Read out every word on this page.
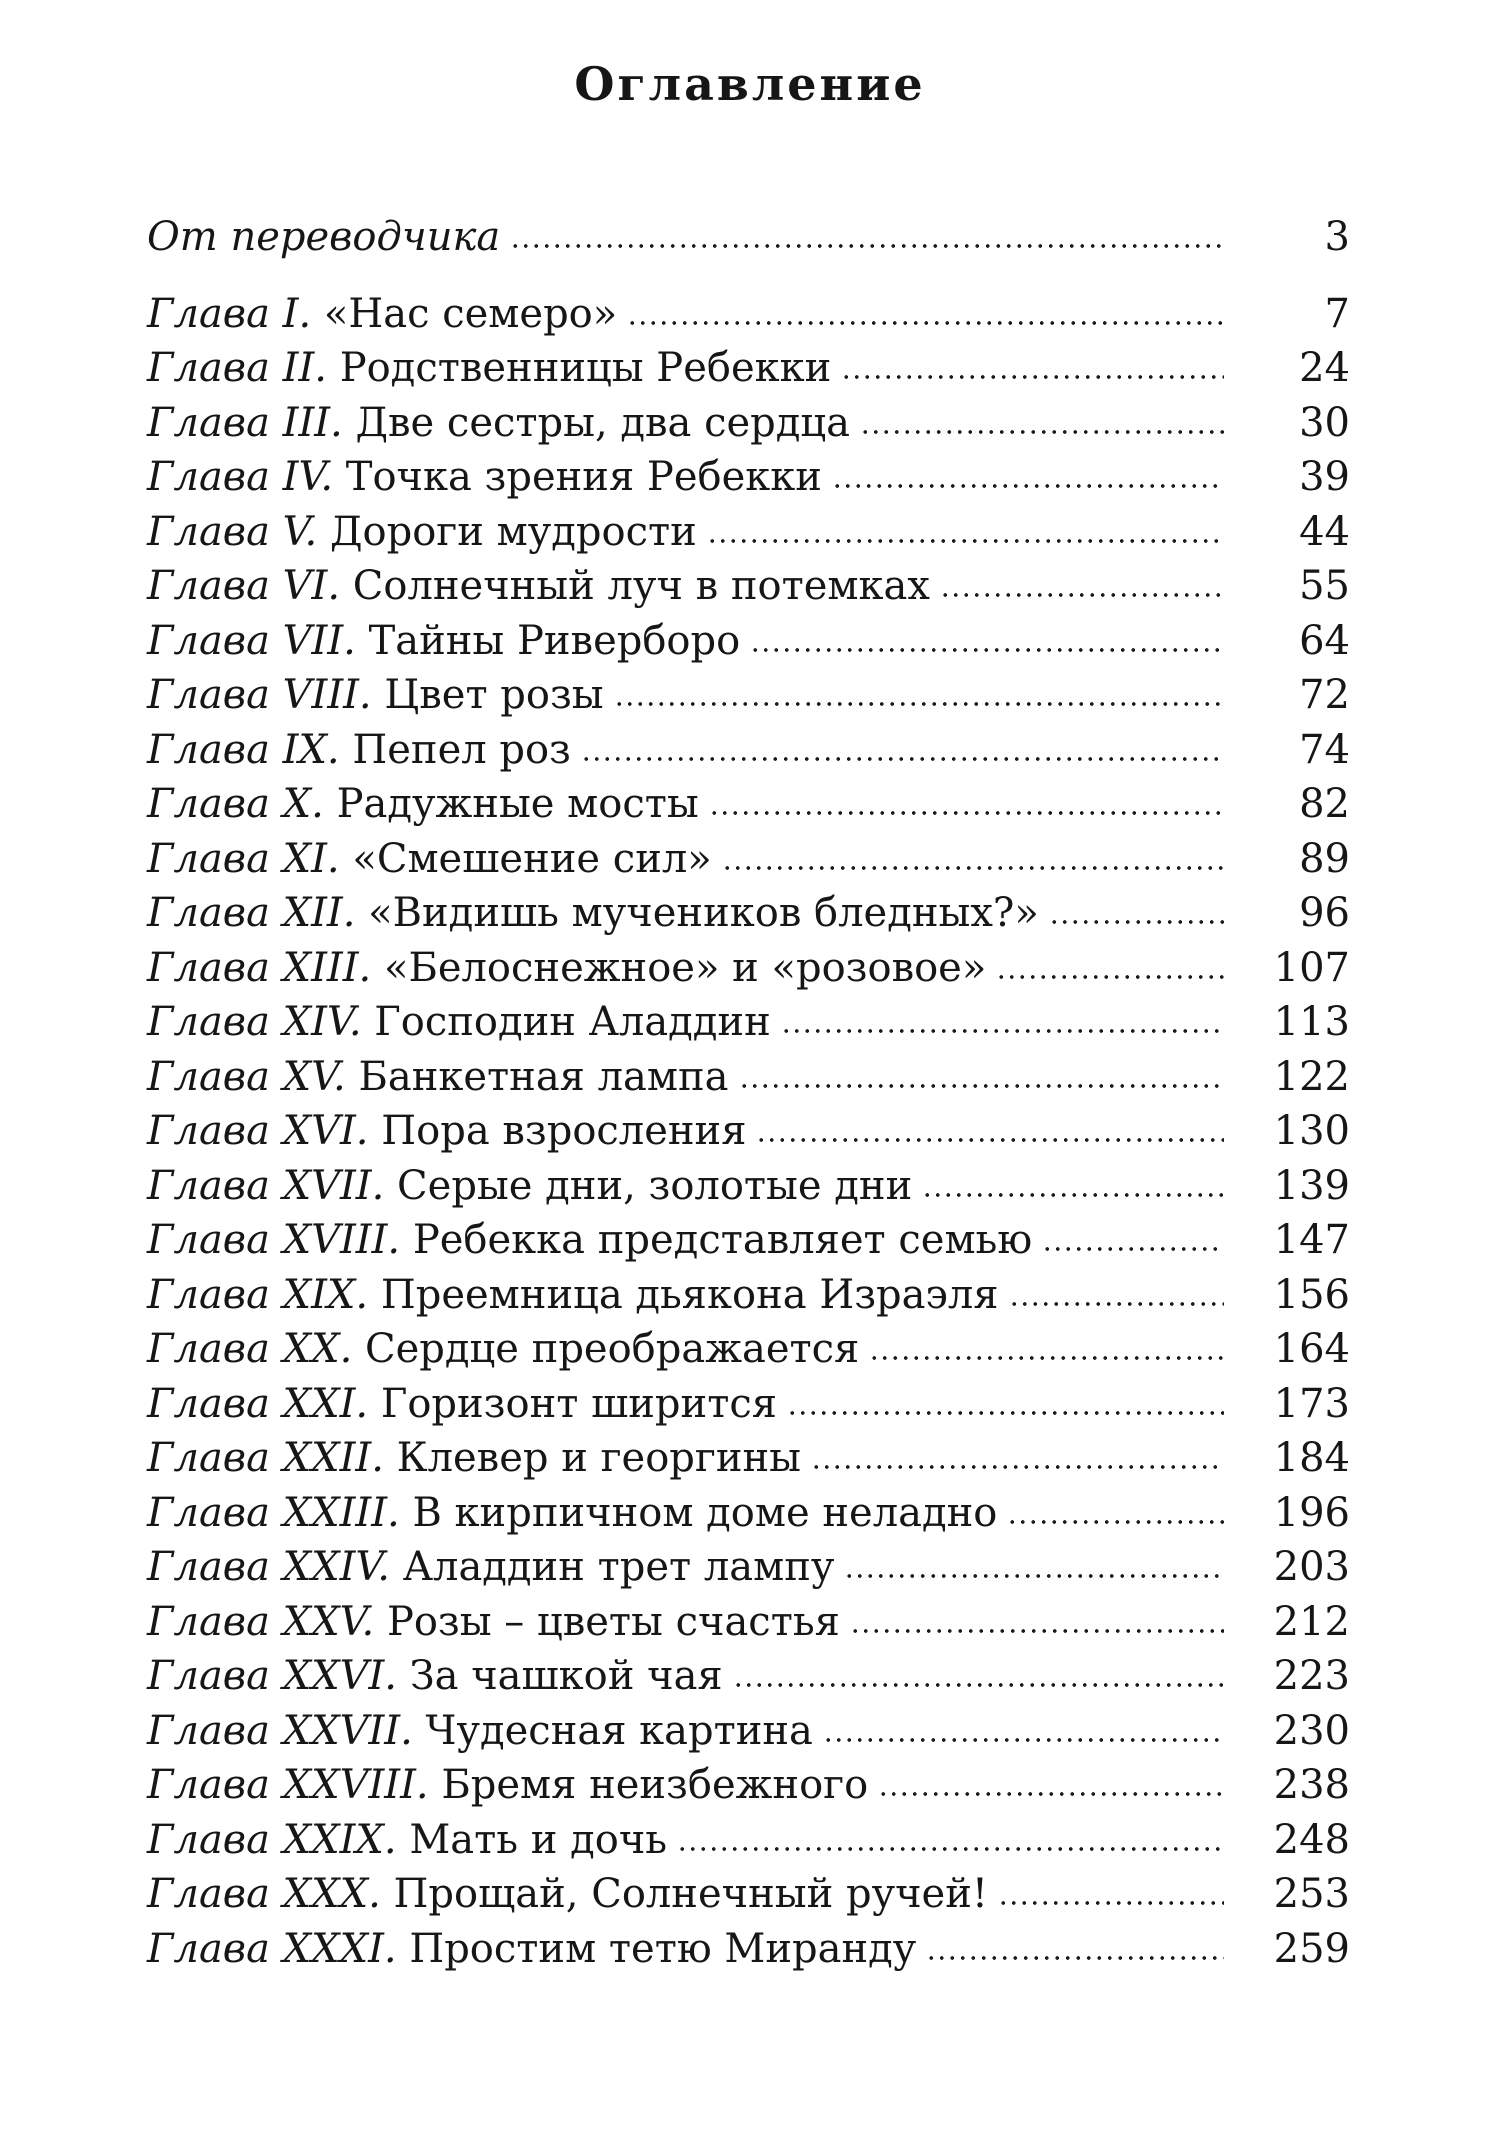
Оглавление
От переводчика	3
Глава I. «Нас семеро»	7
Глава II. Родственницы Ребекки	24
Глава III. Две сестры, два сердца	30
Глава IV. Точка зрения Ребекки	39
Глава V. Дороги мудрости	44
Глава VI. Солнечный луч в потемках	55
Глава VII. Тайны Риверборо	64
Глава VIII. Цвет розы	72
Глава IX. Пепел роз	74
Глава X. Радужные мосты	82
Глава XI. «Смешение сил»	89
Глава XII. «Видишь мучеников бледных?»	96
Глава XIII. «Белоснежное» и «розовое»	107
Глава XIV. Господин Аладдин	113
Глава XV. Банкетная лампа	122
Глава XVI. Пора взросления	130
Глава XVII. Серые дни, золотые дни	139
Глава XVIII. Ребекка представляет семью	147
Глава XIX. Преемница дьякона Израэля	156
Глава XX. Сердце преображается	164
Глава XXI. Горизонт ширится	173
Глава XXII. Клевер и георгины	184
Глава XXIII. В кирпичном доме неладно	196
Глава XXIV. Аладдин трет лампу	203
Глава XXV. Розы – цветы счастья	212
Глава XXVI. За чашкой чая	223
Глава XXVII. Чудесная картина	230
Глава XXVIII. Бремя неизбежного	238
Глава XXIX. Мать и дочь	248
Глава XXX. Прощай, Солнечный ручей!	253
Глава XXXI. Простим тетю Миранду	259
